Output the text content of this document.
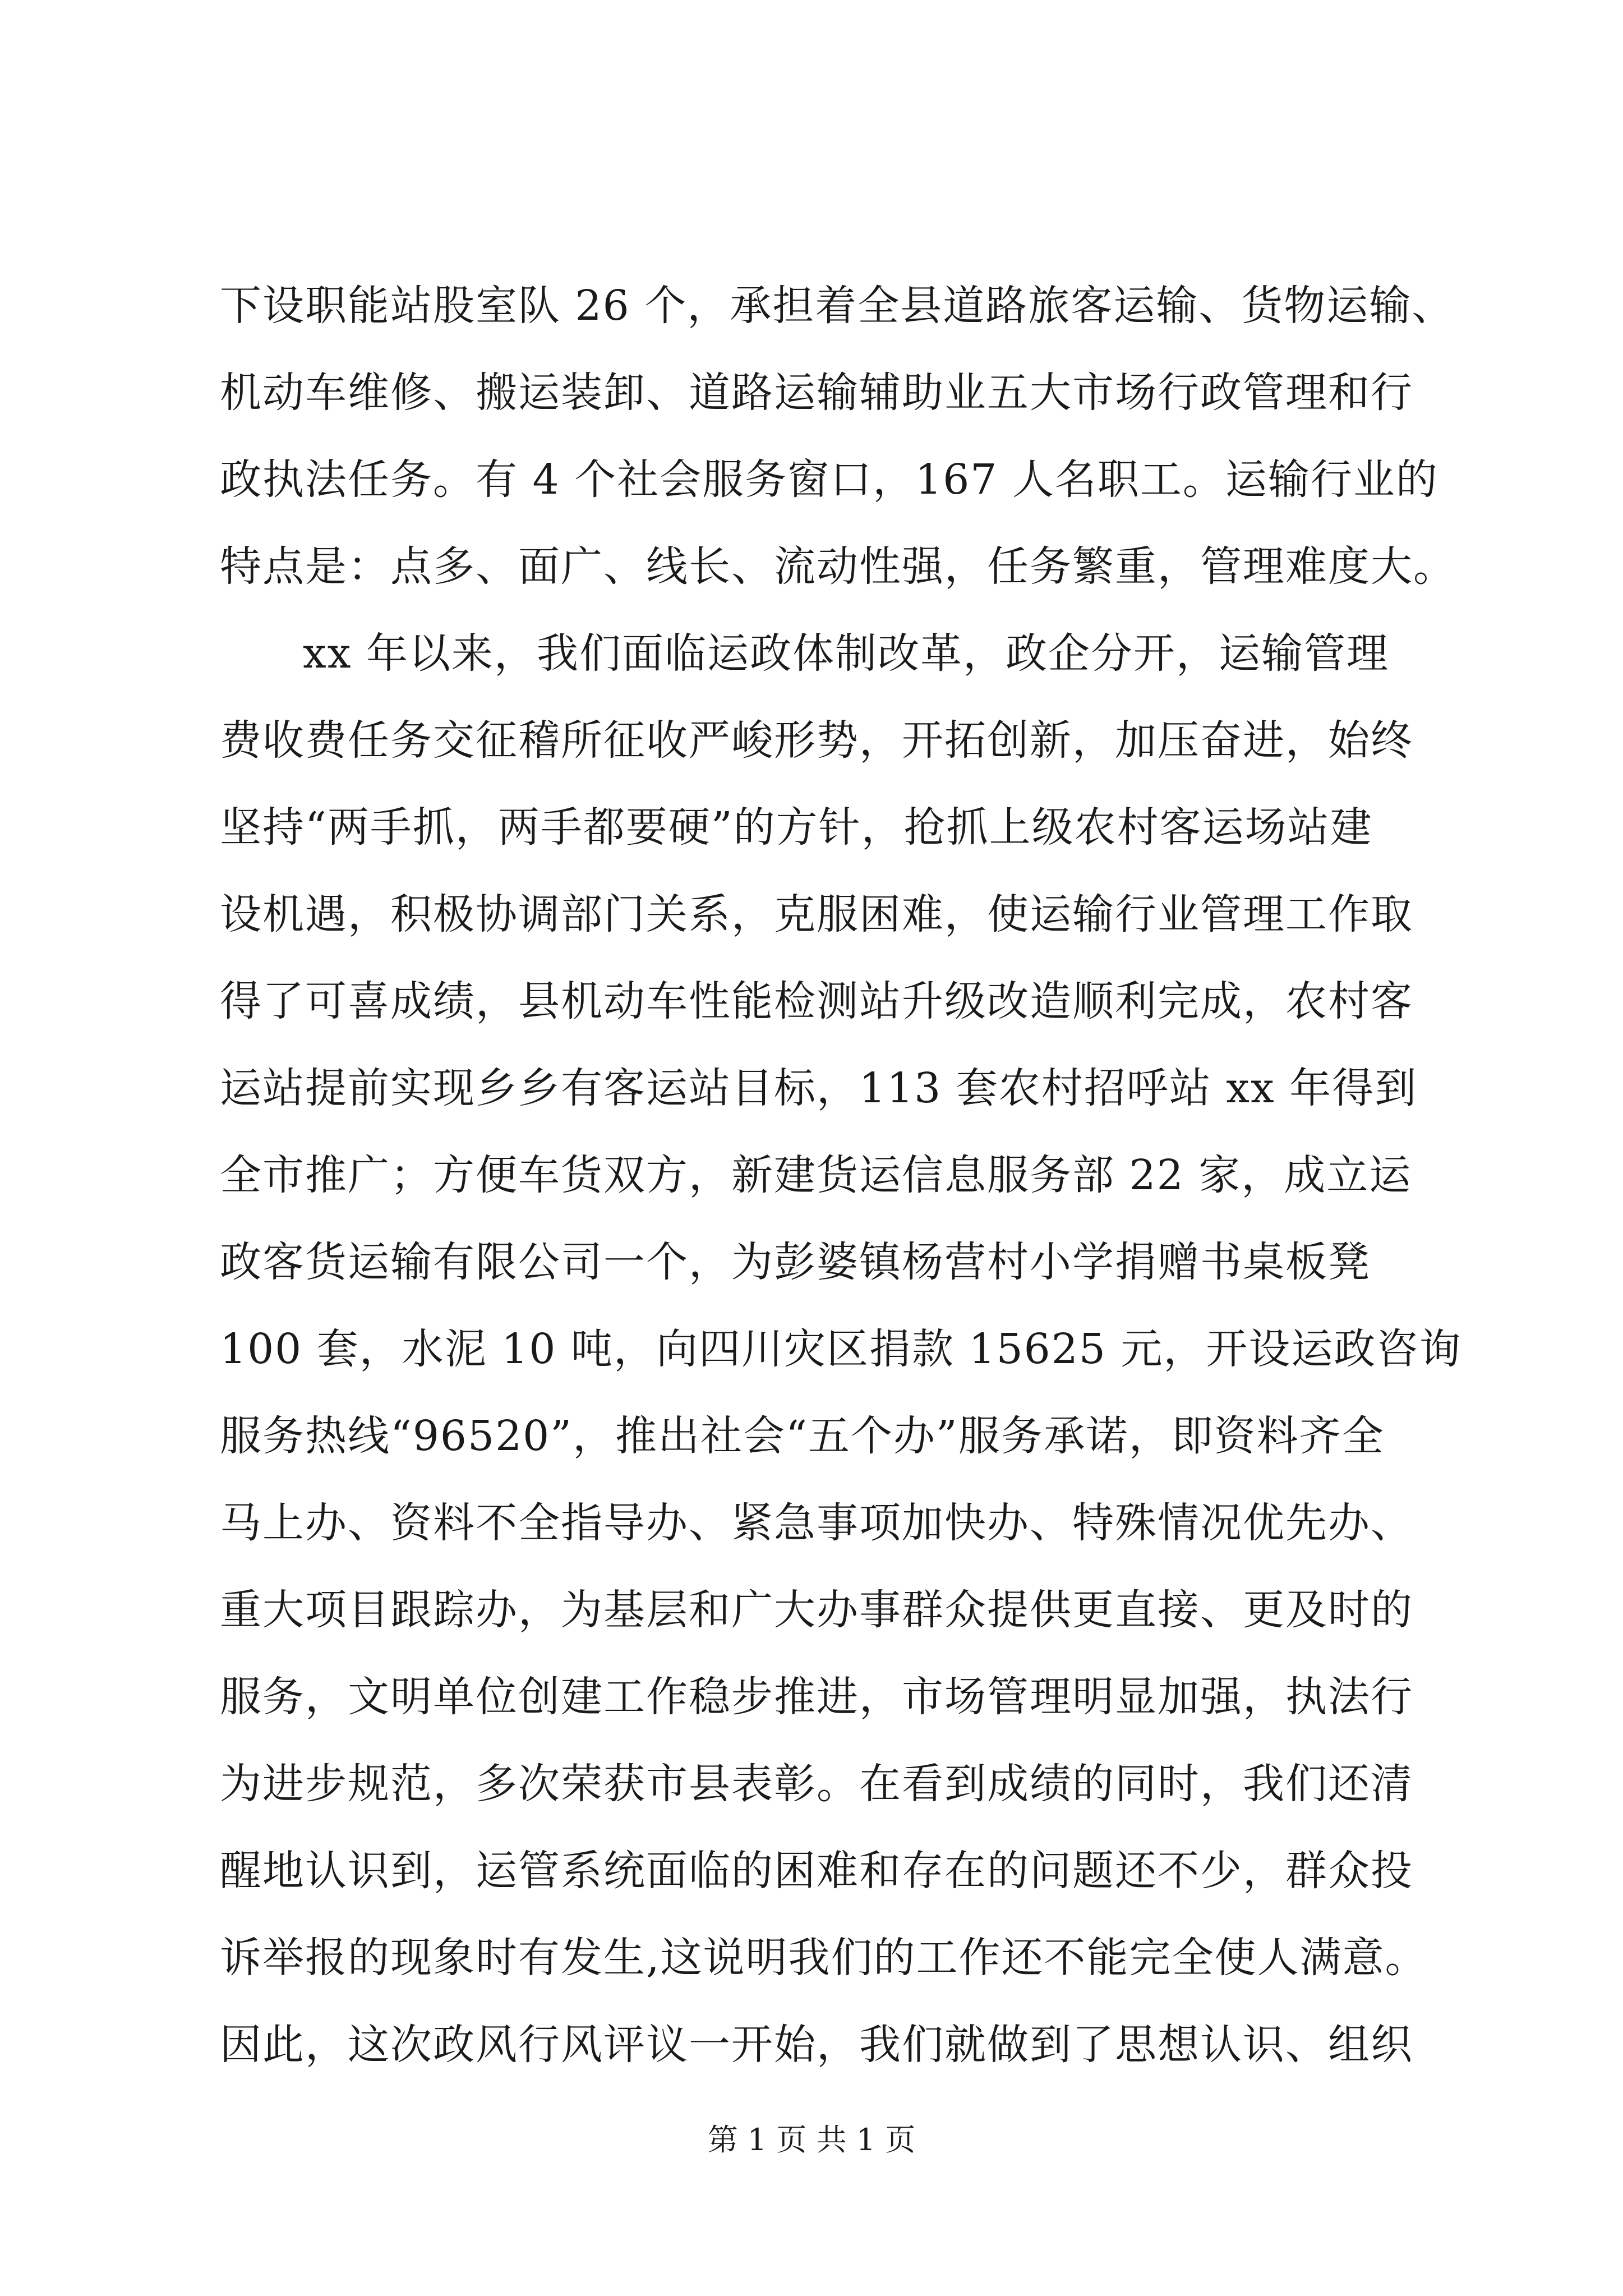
下设职能站股室队 26 个，承担着全县道路旅客运输、货物运输、
机动车维修、搬运装卸、道路运输辅助业五大市场行政管理和行
政执法任务。有 4 个社会服务窗口，167 人名职工。运输行业的
特点是：点多、面广、线长、流动性强，任务繁重，管理难度大。
xx 年以来，我们面临运政体制改革，政企分开，运输管理
费收费任务交征稽所征收严峻形势，开拓创新，加压奋进，始终
坚持“两手抓，两手都要硬”的方针，抢抓上级农村客运场站建
设机遇，积极协调部门关系，克服困难，使运输行业管理工作取
得了可喜成绩，县机动车性能检测站升级改造顺利完成，农村客
运站提前实现乡乡有客运站目标，113 套农村招呼站 xx 年得到
全市推广；方便车货双方，新建货运信息服务部 22 家，成立运
政客货运输有限公司一个，为彭婆镇杨营村小学捐赠书桌板凳
100 套，水泥 10 吨，向四川灾区捐款 15625 元，开设运政咨询
服务热线“96520”，推出社会“五个办”服务承诺，即资料齐全
马上办、资料不全指导办、紧急事项加快办、特殊情况优先办、
重大项目跟踪办，为基层和广大办事群众提供更直接、更及时的
服务，文明单位创建工作稳步推进，市场管理明显加强，执法行
为进步规范，多次荣获市县表彰。在看到成绩的同时，我们还清
醒地认识到，运管系统面临的困难和存在的问题还不少，群众投
诉举报的现象时有发生,这说明我们的工作还不能完全使人满意。
因此，这次政风行风评议一开始，我们就做到了思想认识、组织
第 1 页 共 1 页
